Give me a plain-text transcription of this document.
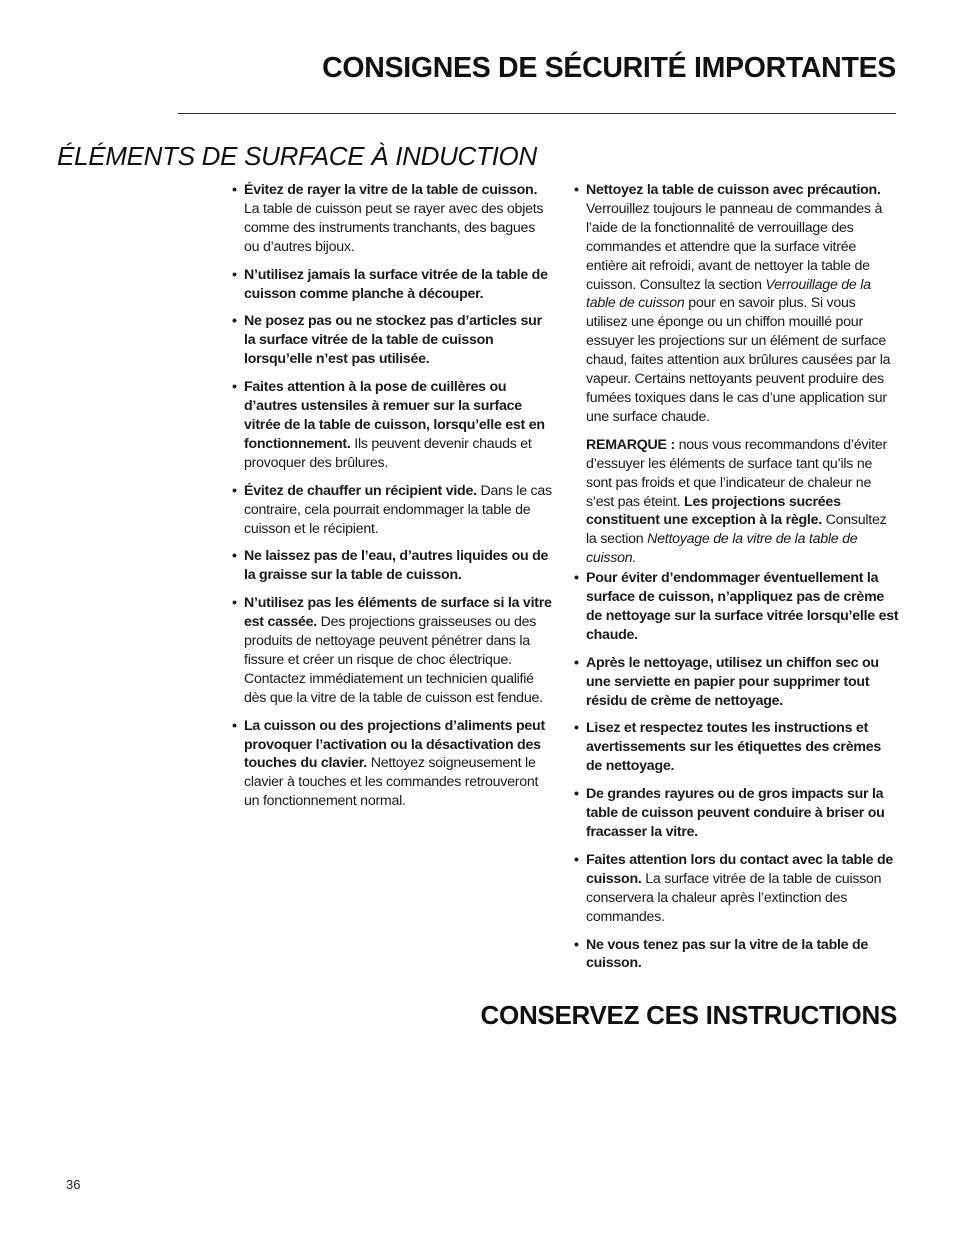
CONSIGNES DE SÉCURITÉ IMPORTANTES
ÉLÉMENTS DE SURFACE À INDUCTION
• Évitez de rayer la vitre de la table de cuisson. La table de cuisson peut se rayer avec des objets comme des instruments tranchants, des bagues ou d’autres bijoux.
• N’utilisez jamais la surface vitrée de la table de cuisson comme planche à découper.
• Ne posez pas ou ne stockez pas d’articles sur la surface vitrée de la table de cuisson lorsqu’elle n’est pas utilisée.
• Faites attention à la pose de cuillères ou d’autres ustensiles à remuer sur la surface vitrée de la table de cuisson, lorsqu’elle est en fonctionnement. Ils peuvent devenir chauds et provoquer des brûlures.
• Évitez de chauffer un récipient vide. Dans le cas contraire, cela pourrait endommager la table de cuisson et le récipient.
• Ne laissez pas de l’eau, d’autres liquides ou de la graisse sur la table de cuisson.
• N’utilisez pas les éléments de surface si la vitre est cassée. Des projections graisseuses ou des produits de nettoyage peuvent pénétrer dans la fissure et créer un risque de choc électrique. Contactez immédiatement un technicien qualifié dès que la vitre de la table de cuisson est fendue.
• La cuisson ou des projections d’aliments peut provoquer l’activation ou la désactivation des touches du clavier. Nettoyez soigneusement le clavier à touches et les commandes retrouveront un fonctionnement normal.
• Nettoyez la table de cuisson avec précaution. Verrouillez toujours le panneau de commandes à l’aide de la fonctionnalité de verrouillage des commandes et attendre que la surface vitrée entière ait refroidi, avant de nettoyer la table de cuisson. Consultez la section Verrouillage de la table de cuisson pour en savoir plus. Si vous utilisez une éponge ou un chiffon mouillé pour essuyer les projections sur un élément de surface chaud, faites attention aux brûlures causées par la vapeur. Certains nettoyants peuvent produire des fumées toxiques dans le cas d’une application sur une surface chaude.

REMARQUE : nous vous recommandons d’éviter d’essuyer les éléments de surface tant qu’ils ne sont pas froids et que l’indicateur de chaleur ne s’est pas éteint. Les projections sucrées constituent une exception à la règle. Consultez la section Nettoyage de la vitre de la table de cuisson.

• Pour éviter d’endommager éventuellement la surface de cuisson, n’appliquez pas de crème de nettoyage sur la surface vitrée lorsqu’elle est chaude.
• Après le nettoyage, utilisez un chiffon sec ou une serviette en papier pour supprimer tout résidu de crème de nettoyage.
• Lisez et respectez toutes les instructions et avertissements sur les étiquettes des crèmes de nettoyage.
• De grandes rayures ou de gros impacts sur la table de cuisson peuvent conduire à briser ou fracasser la vitre.
• Faites attention lors du contact avec la table de cuisson. La surface vitrée de la table de cuisson conservera la chaleur après l’extinction des commandes.
• Ne vous tenez pas sur la vitre de la table de cuisson.
CONSERVEZ CES INSTRUCTIONS
36
